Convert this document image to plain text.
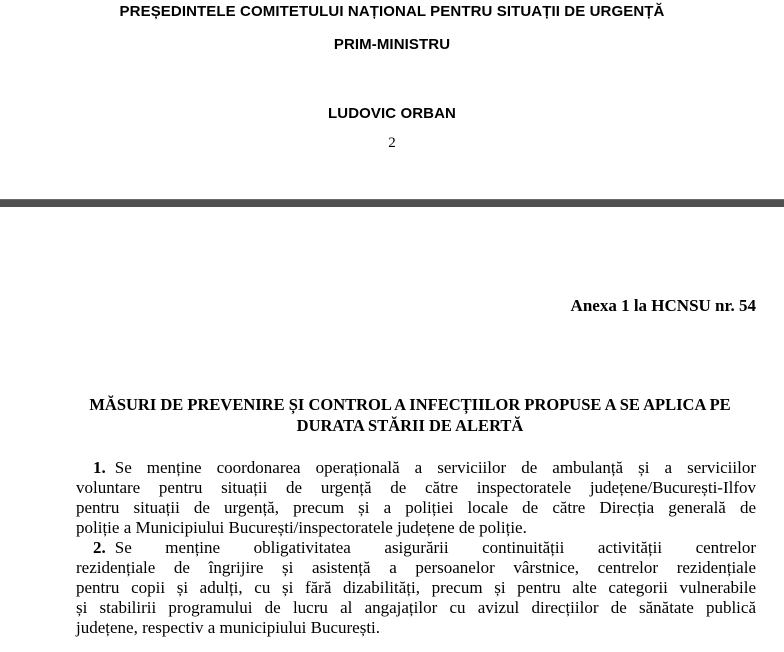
PREȘEDINTELE COMITETULUI NAȚIONAL PENTRU SITUAȚII DE URGENȚĂ
PRIM-MINISTRU
LUDOVIC ORBAN
2
Anexa 1 la HCNSU nr. 54
MĂSURI DE PREVENIRE ȘI CONTROL A INFECȚIILOR PROPUSE A SE APLICA PE
DURATA STĂRII DE ALERTĂ
1. Se menține coordonarea operațională a serviciilor de ambulanță și a serviciilor
voluntare pentru situații de urgență de către inspectoratele județene/București-Ilfov
pentru situații de urgență, precum și a poliției locale de către Direcția generală de
poliție a Municipiului București/inspectoratele județene de poliție.
2. Se menține obligativitatea asigurării continuității activității centrelor
rezidențiale de îngrijire și asistență a persoanelor vârstnice, centrelor rezidențiale
pentru copii și adulți, cu și fără dizabilități, precum și pentru alte categorii vulnerabile
și stabilirii programului de lucru al angajaților cu avizul direcțiilor de sănătate publică
județene, respectiv a municipiului București.
